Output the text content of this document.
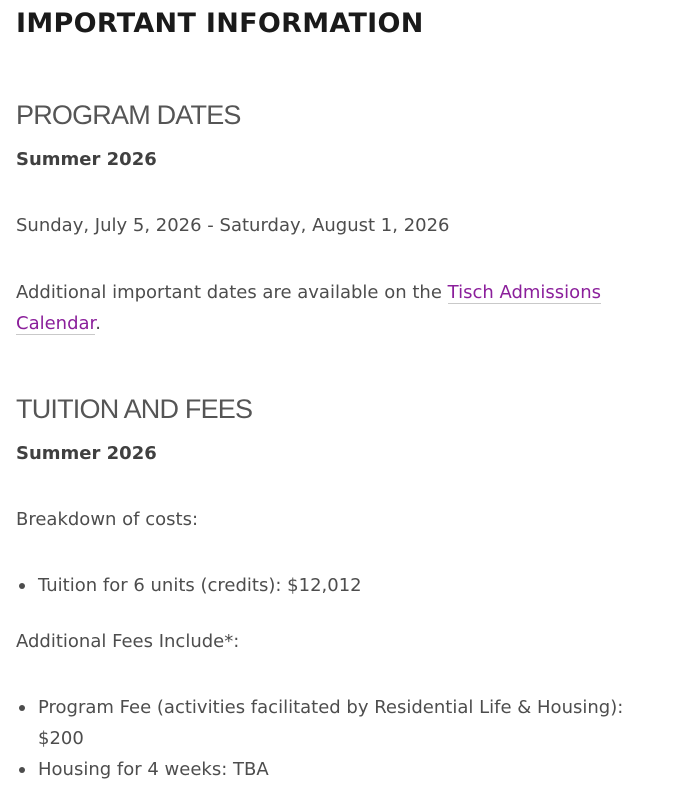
IMPORTANT INFORMATION
PROGRAM DATES

Summer 2026

Sunday, July 5, 2026 - Saturday, August 1, 2026

Additional important dates are available on the Tisch Admissions Calendar.

TUITION AND FEES

Summer 2026

Breakdown of costs:

Tuition for 6 units (credits): $12,012

Additional Fees Include*:

Program Fee (activities facilitated by Residential Life & Housing): $200
Housing for 4 weeks: TBA
